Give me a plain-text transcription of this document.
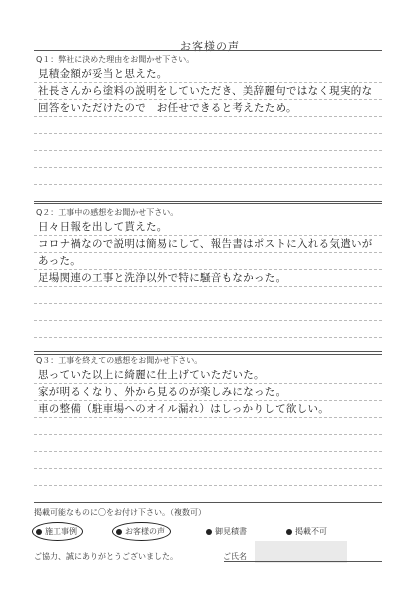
お客様の声
Q１：弊社に決めた理由をお聞かせ下さい。
見積金額が妥当と思えた。
社長さんから塗料の説明をしていただき、美辞麗句ではなく現実的な
回答をいただけたので　お任せできると考えたため。
Q２：工事中の感想をお聞かせ下さい。
日々日報を出して貰えた。
コロナ禍なので説明は簡易にして、報告書はポストに入れる気遣いが
あった。
足場関連の工事と洗浄以外で特に騒音もなかった。
Q３：工事を終えての感想をお聞かせ下さい。
思っていた以上に綺麗に仕上げていただいた。
家が明るくなり、外から見るのが楽しみになった。
車の整備（駐車場へのオイル漏れ）はしっかりして欲しい。
掲載可能なものに〇をお付け下さい。（複数可）
施工事例	お客様の声	御見積書	掲載不可
ご協力、誠にありがとうございました。	ご氏名
